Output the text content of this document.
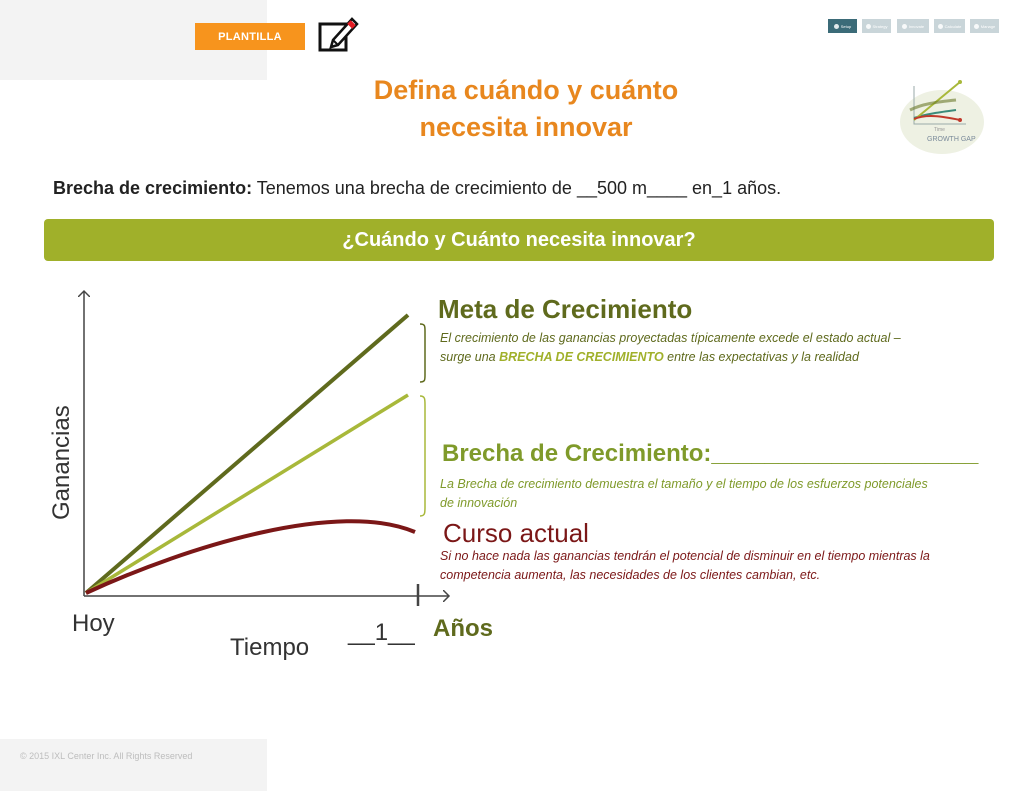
© 2015 IXL Center Inc. All Rights Reserved
PLANTILLA
Setup	Strategy	Innovate	Calculate	Manage
Defina cuándo y cuánto
necesita innovar	Time
GROWTH GAP
Brecha de crecimiento: Tenemos una brecha de crecimiento de __500 m____ en_1 años.
¿Cuándo y Cuánto necesita innovar?
Meta de Crecimiento
El crecimiento de las ganancias proyectadas típicamente excede el estado actual – surge una BRECHA DE CRECIMIENTO entre las expectativas y la realidad
Brecha de Crecimiento:____________________
La Brecha de crecimiento demuestra el tamaño y el tiempo de los esfuerzos potenciales de innovación
Curso actual
Si no hace nada las ganancias tendrán el potencial de disminuir en el tiempo mientras la competencia aumenta, las necesidades de los clientes cambian, etc.
Ganancias
Hoy
Tiempo
__1__ Años
